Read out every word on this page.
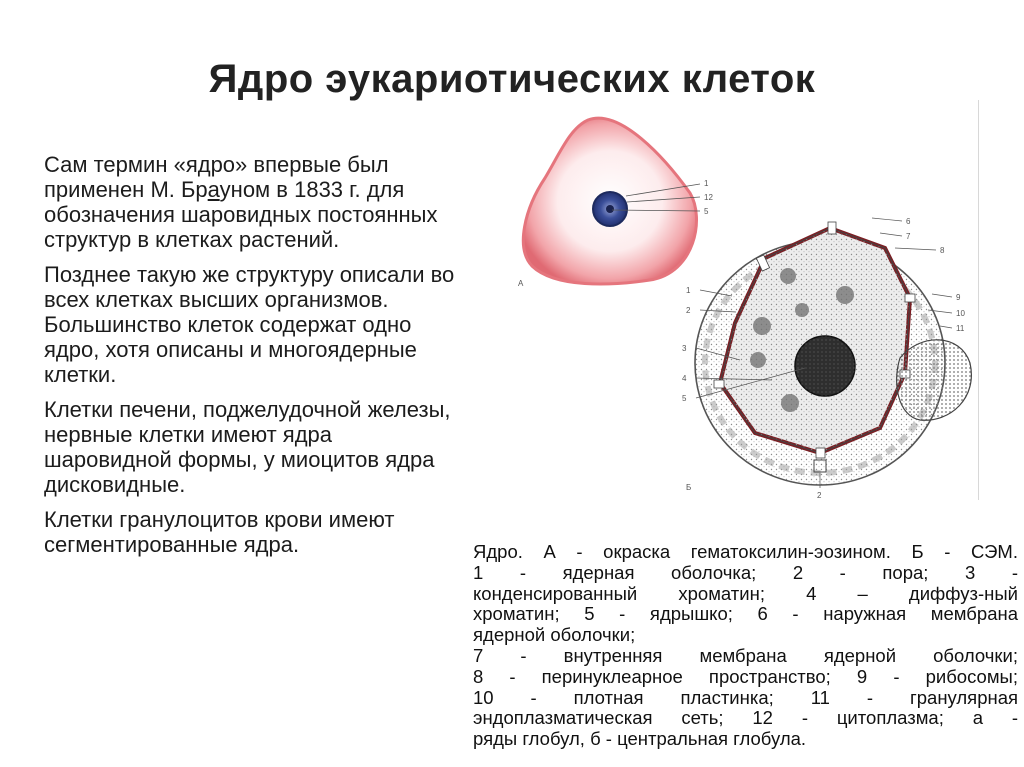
Ядро эукариотических клеток

Сам термин «ядро» впервые был применен М. Брауном в 1833 г. для обозначения шаровидных постоянных структур в клетках растений.

Позднее такую же структуру описали во всех клетках высших организмов. Большинство клеток содержат одно ядро, хотя описаны и многоядерные клетки.

Клетки печени, поджелудочной железы, нервные клетки имеют ядра шаровидной формы, у миоцитов ядра дисковидные.

Клетки гранулоцитов крови имеют сегментированные ядра.

1
12
5
А
6
7
8
1
2
9
10
11
3
4
5
2
Б
Ядро. А - окраска гематоксилин-эозином. Б - СЭМ.
1 - ядерная оболочка; 2 - пора; 3 -
конденсированный хроматин; 4 – диффуз-ный
хроматин; 5 - ядрышко; 6 - наружная мембрана
ядерной оболочки;
7 - внутренняя мембрана ядерной оболочки;
8 - перинуклеарное пространство; 9 - рибосомы;
10 - плотная пластинка; 11 - гранулярная
эндоплазматическая сеть; 12 - цитоплазма; а -
ряды глобул, б - центральная глобула.
